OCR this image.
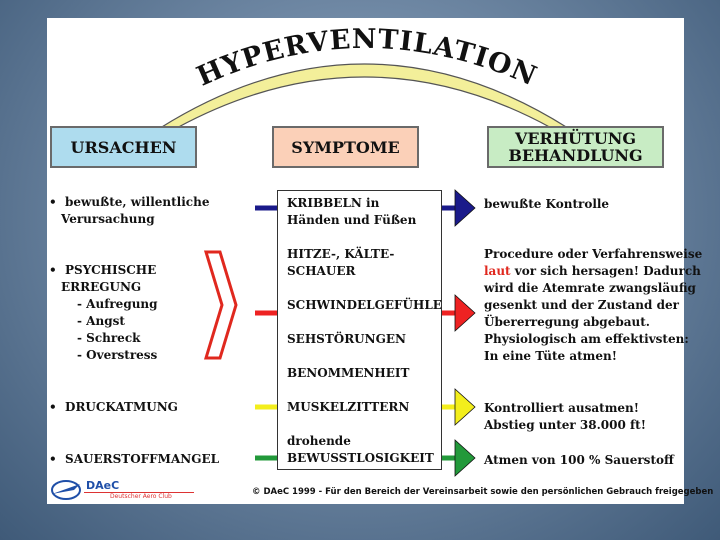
HYPERVENTILATION
URSACHEN	SYMPTOME	VERHÜTUNG
BEHANDLUNG
• bewußte, willentliche
Verursachung
• PSYCHISCHE
ERREGUNG
- Aufregung
- Angst
- Schreck
- Overstress
• DRUCKATMUNG
• SAUERSTOFFMANGEL
KRIBBELN in
Händen und Füßen
HITZE-, KÄLTE-
SCHAUER
SCHWINDELGEFÜHLE
SEHSTÖRUNGEN
BENOMMENHEIT
MUSKELZITTERN
drohende
BEWUSSTLOSIGKEIT
bewußte Kontrolle
Procedure oder Verfahrensweise
laut vor sich hersagen! Dadurch
wird die Atemrate zwangsläufig
gesenkt und der Zustand der
Übererregung abgebaut.
Physiologisch am effektivsten:
In eine Tüte atmen!
Kontrolliert ausatmen!
Abstieg unter 38.000 ft!
Atmen von 100 % Sauerstoff
DAeC
Deutscher Aero Club	© DAeC 1999 - Für den Bereich der Vereinsarbeit sowie den persönlichen Gebrauch freigegeben
